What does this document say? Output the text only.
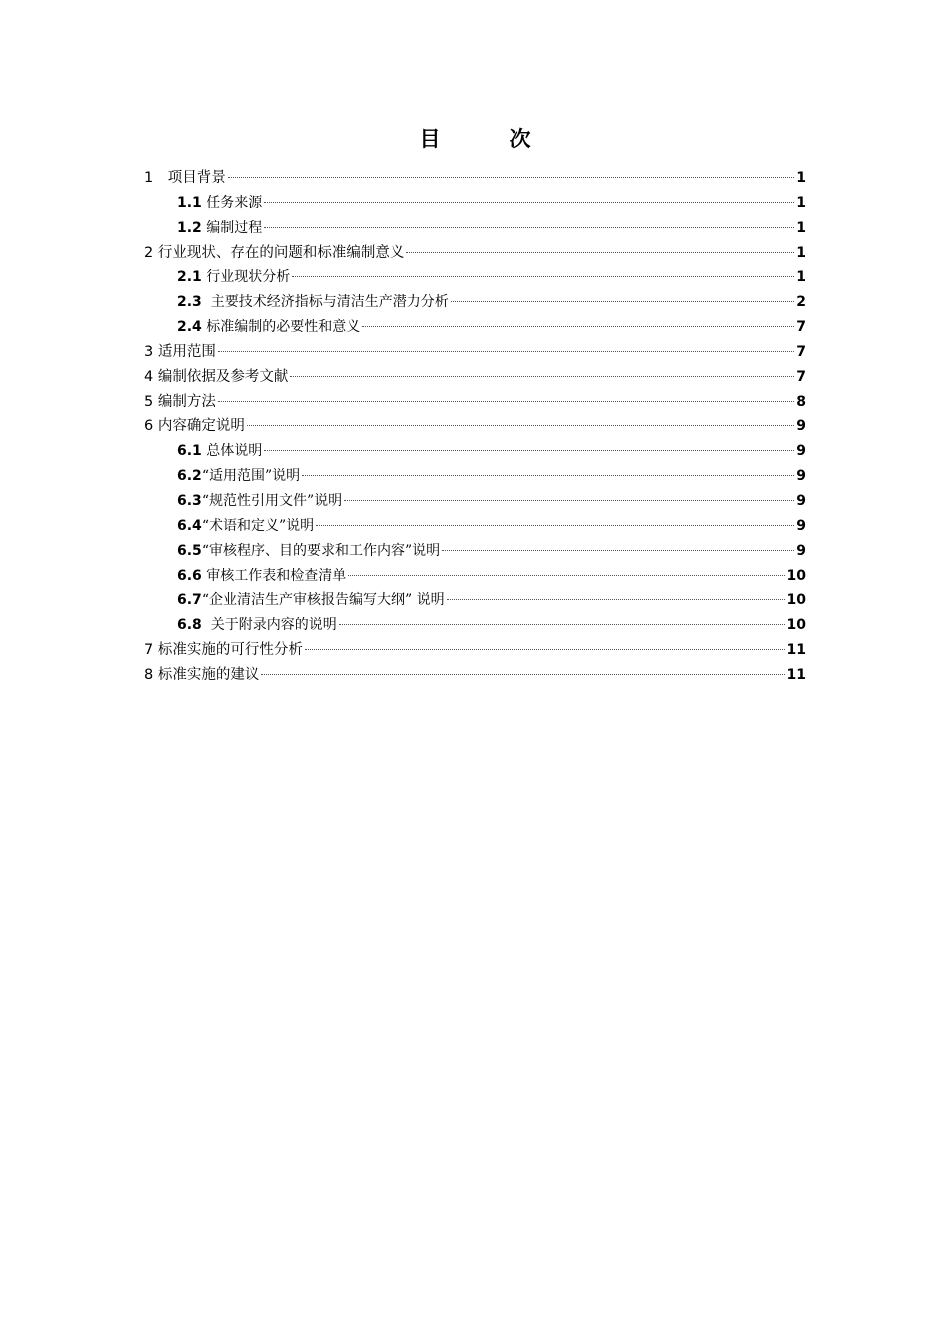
目　次
1　项目背景	1
1.1 任务来源	1
1.2 编制过程	1
2 行业现状、存在的问题和标准编制意义	1
2.1 行业现状分析	1
2.3  主要技术经济指标与清洁生产潜力分析	2
2.4 标准编制的必要性和意义	7
3 适用范围	7
4 编制依据及参考文献	7
5 编制方法	8
6 内容确定说明	9
6.1 总体说明	9
6.2“适用范围”说明	9
6.3“规范性引用文件”说明	9
6.4“术语和定义”说明	9
6.5“审核程序、目的要求和工作内容”说明	9
6.6 审核工作表和检查清单	10
6.7“企业清洁生产审核报告编写大纲” 说明	10
6.8  关于附录内容的说明	10
7 标准实施的可行性分析	11
8 标准实施的建议	11
